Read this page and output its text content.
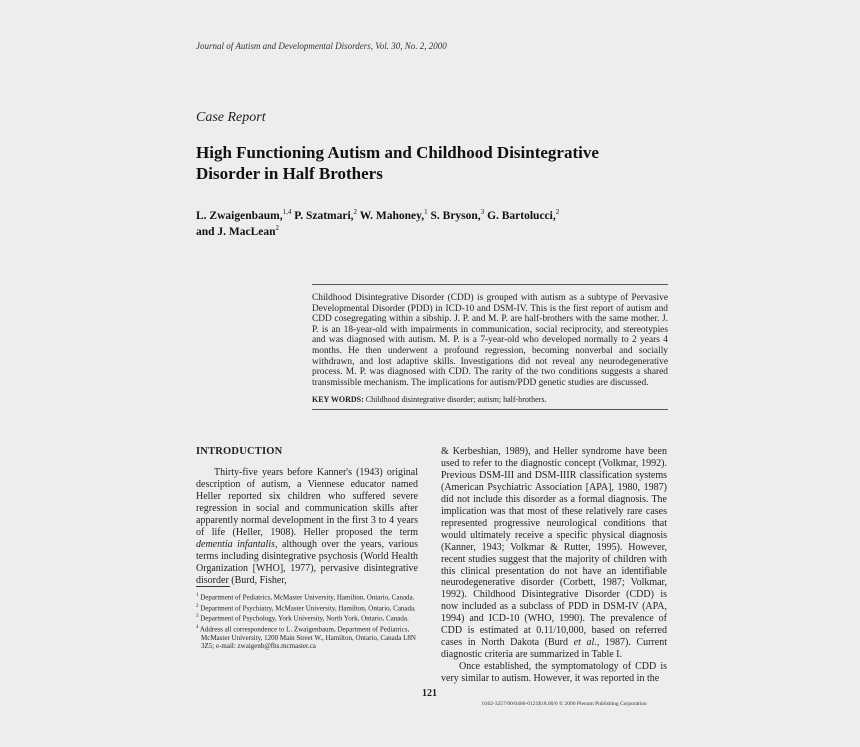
Journal of Autism and Developmental Disorders, Vol. 30, No. 2, 2000
Case Report
High Functioning Autism and Childhood Disintegrative Disorder in Half Brothers
L. Zwaigenbaum,$^{1,4}$ P. Szatmari,$^2$ W. Mahoney,$^1$ S. Bryson,$^3$ G. Bartolucci,$^2$
and J. MacLean$^2$
Childhood Disintegrative Disorder (CDD) is grouped with autism as a subtype of Pervasive Developmental Disorder (PDD) in ICD-10 and DSM-IV. This is the first report of autism and CDD cosegregating within a sibship. J. P. and M. P. are half-brothers with the same mother. J. P. is an 18-year-old with impairments in communication, social reciprocity, and stereotypies and was diagnosed with autism. M. P. is a 7-year-old who developed normally to 2 years 4 months. He then underwent a profound regression, becoming nonverbal and socially withdrawn, and lost adaptive skills. Investigations did not reveal any neurodegenerative process. M. P. was diagnosed with CDD. The rarity of the two conditions suggests a shared transmissible mechanism. The implications for autism/PDD genetic studies are discussed.
KEY WORDS: Childhood disintegrative disorder; autism; half-brothers.
INTRODUCTION

Thirty-five years before Kanner's (1943) original description of autism, a Viennese educator named Heller reported six children who suffered severe regression in social and communication skills after apparently normal development in the first 3 to 4 years of life (Heller, 1908). Heller proposed the term dementia infantalis, although over the years, various terms including disintegrative psychosis (World Health Organization [WHO], 1977), pervasive disintegrative disorder (Burd, Fisher,

$^1$ Department of Pediatrics, McMaster University, Hamilton, Ontario, Canada.

$^2$ Department of Psychiatry, McMaster University, Hamilton, Ontario, Canada.

$^3$ Department of Psychology, York University, North York, Ontario, Canada.

$^4$ Address all correspondence to L. Zwaigenbaum, Department of Pediatrics, McMaster University, 1200 Main Street W., Hamilton, Ontario, Canada L8N 3Z5; e-mail: zwaigenb@fhs.mcmaster.ca

& Kerbeshian, 1989), and Heller syndrome have been used to refer to the diagnostic concept (Volkmar, 1992). Previous DSM-III and DSM-IIIR classification systems (American Psychiatric Association [APA], 1980, 1987) did not include this disorder as a formal diagnosis. The implication was that most of these relatively rare cases represented progressive neurological conditions that would ultimately receive a specific physical diagnosis (Kanner, 1943; Volkmar & Rutter, 1995). However, recent studies suggest that the majority of children with this clinical presentation do not have an identifiable neurodegenerative disorder (Corbett, 1987; Volkmar, 1992). Childhood Disintegrative Disorder (CDD) is now included as a subclass of PDD in DSM-IV (APA, 1994) and ICD-10 (WHO, 1990). The prevalence of CDD is estimated at 0.11/10,000, based on referred cases in North Dakota (Burd et al., 1987). Current diagnostic criteria are summarized in Table I.

Once established, the symptomatology of CDD is very similar to autism. However, it was reported in the

121
0162-3257/00/0400-0121$18.00/0 © 2000 Plenum Publishing Corporation
